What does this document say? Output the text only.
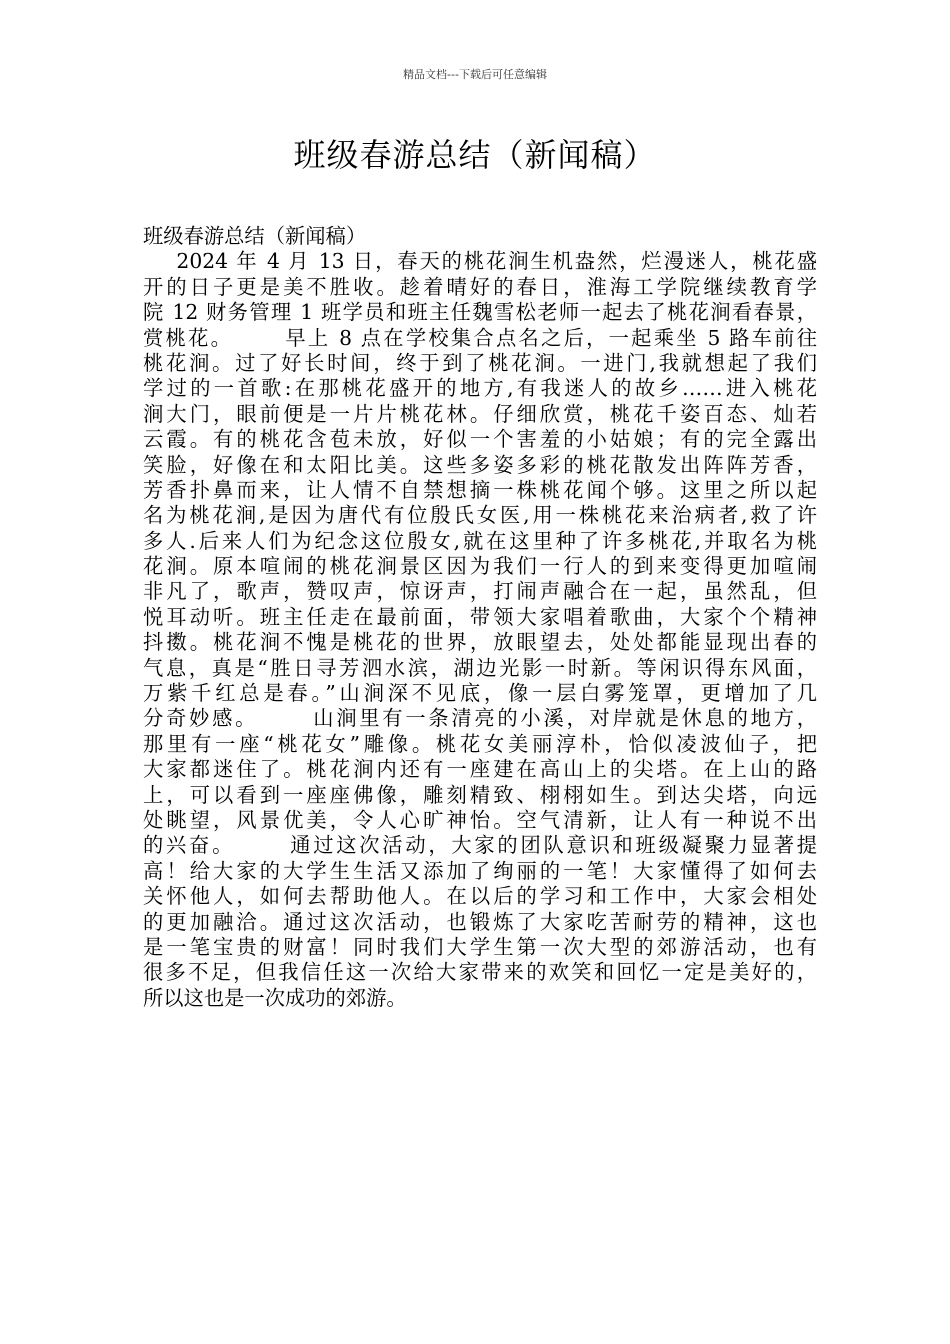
精品文档---下载后可任意编辑
班级春游总结（新闻稿）
班级春游总结（新闻稿）
2024 年 4 月 13 日，春天的桃花涧生机盎然，烂漫迷人，桃花盛
开的日子更是美不胜收。趁着晴好的春日，淮海工学院继续教育学
院 12 财务管理 1 班学员和班主任魏雪松老师一起去了桃花涧看春景，
赏桃花。      早上 8 点在学校集合点名之后，一起乘坐 5 路车前往
桃花涧。过了好长时间，终于到了桃花涧。一进门,我就想起了我们
学过的一首歌:在那桃花盛开的地方,有我迷人的故乡……进入桃花
涧大门，眼前便是一片片桃花林。仔细欣赏，桃花千姿百态、灿若
云霞。有的桃花含苞未放，好似一个害羞的小姑娘；有的完全露出
笑脸，好像在和太阳比美。这些多姿多彩的桃花散发出阵阵芳香，
芳香扑鼻而来，让人情不自禁想摘一株桃花闻个够。这里之所以起
名为桃花涧,是因为唐代有位殷氏女医,用一株桃花来治病者,救了许
多人.后来人们为纪念这位殷女,就在这里种了许多桃花,并取名为桃
花涧。原本喧闹的桃花涧景区因为我们一行人的到来变得更加喧闹
非凡了，歌声，赞叹声，惊讶声，打闹声融合在一起，虽然乱，但
悦耳动听。班主任走在最前面，带领大家唱着歌曲，大家个个精神
抖擞。桃花涧不愧是桃花的世界，放眼望去，处处都能显现出春的
气息，真是“胜日寻芳泗水滨，湖边光影一时新。等闲识得东风面，
万紫千红总是春。”山涧深不见底，像一层白雾笼罩，更增加了几
分奇妙感。      山涧里有一条清亮的小溪，对岸就是休息的地方，
那里有一座“桃花女”雕像。桃花女美丽淳朴，恰似凌波仙子，把
大家都迷住了。桃花涧内还有一座建在高山上的尖塔。在上山的路
上，可以看到一座座佛像，雕刻精致、栩栩如生。到达尖塔，向远
处眺望，风景优美，令人心旷神怡。空气清新，让人有一种说不出
的兴奋。      通过这次活动，大家的团队意识和班级凝聚力显著提
高！给大家的大学生生活又添加了绚丽的一笔！大家懂得了如何去
关怀他人，如何去帮助他人。在以后的学习和工作中，大家会相处
的更加融洽。通过这次活动，也锻炼了大家吃苦耐劳的精神，这也
是一笔宝贵的财富！同时我们大学生第一次大型的郊游活动，也有
很多不足，但我信任这一次给大家带来的欢笑和回忆一定是美好的，
所以这也是一次成功的郊游。
